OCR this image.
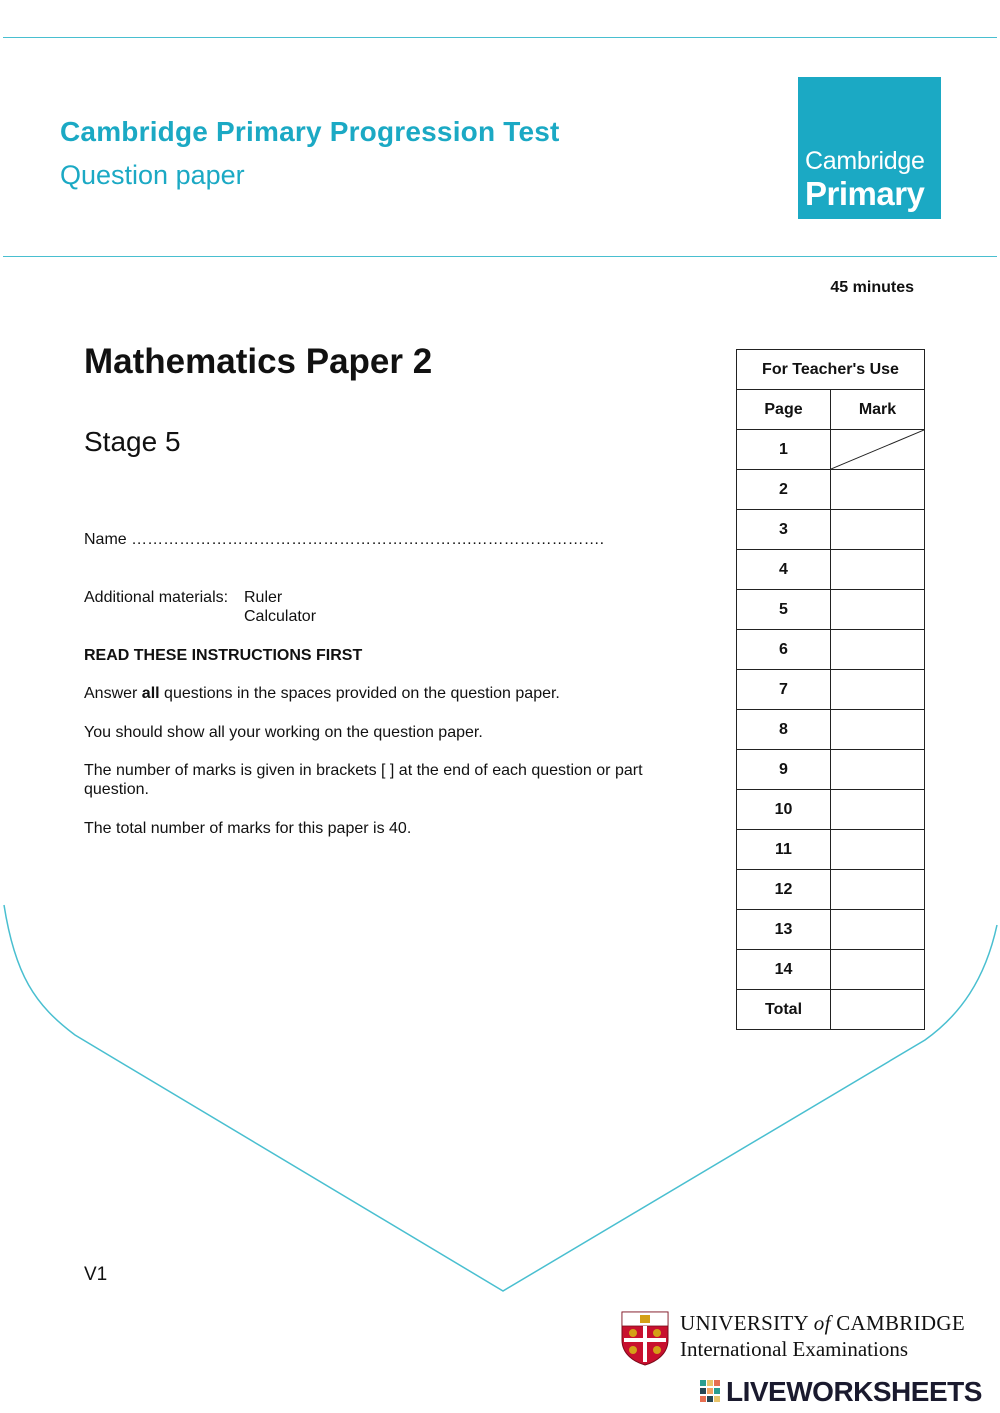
Cambridge Primary Progression Test
Question paper	Cambridge
Primary
45 minutes
Mathematics Paper 2
Stage 5
Name ……………………………………………………….…………………….
Additional materials: Ruler
Calculator
READ THESE INSTRUCTIONS FIRST
Answer all questions in the spaces provided on the question paper.
You should show all your working on the question paper.
The number of marks is given in brackets [ ] at the end of each question or part question.
The total number of marks for this paper is 40.
For Teacher's Use	
Page	Mark
1	

2	
3	
4	
5	
6	
7	
8	
9	
10	
11	
12	
13	
14	
Total	
V1
UNIVERSITY of CAMBRIDGE
International Examinations
LIVEWORKSHEETS
